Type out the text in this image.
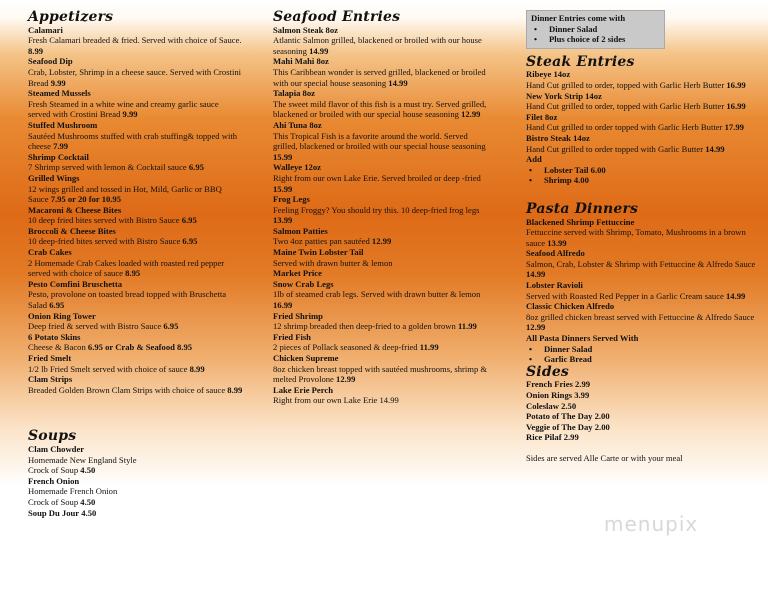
Appetizers
Calamari
Fresh Calamari breaded & fried. Served with choice of Sauce. 8.99
Seafood Dip
Crab, Lobster, Shrimp in a cheese sauce. Served with Crostini Bread 9.99
Steamed Mussels
Fresh Steamed in a white wine and creamy garlic sauce served with Crostini Bread 9.99
Stuffed Mushroom
Sautéed Mushrooms stuffed with crab stuffing& topped with cheese 7.99
Shrimp Cocktail
7 Shrimp served with lemon & Cocktail sauce 6.95
Grilled Wings
12 wings grilled and tossed in Hot, Mild, Garlic or BBQ Sauce 7.95 or 20 for 10.95
Macaroni & Cheese Bites
10 deep fried bites served with Bistro Sauce 6.95
Broccoli & Cheese Bites
10 deep-fried bites served with Bistro Sauce 6.95
Crab Cakes
2 Homemade Crab Cakes loaded with roasted red pepper served with choice of sauce 8.95
Pesto Comfini Bruschetta
Pesto, provolone on toasted bread topped with Bruschetta Salad 6.95
Onion Ring Tower
Deep fried & served with Bistro Sauce 6.95
6 Potato Skins
Cheese & Bacon 6.95 or Crab & Seafood 8.95
Fried Smelt
1/2 lb Fried Smelt served with choice of sauce 8.99
Clam Strips
Breaded Golden Brown Clam Strips with choice of sauce 8.99
Soups
Clam Chowder
Homemade New England Style
Crock of Soup 4.50
French Onion
Homemade French Onion
Crock of Soup 4.50
Soup Du Jour 4.50
Seafood Entries
Salmon Steak 8oz
Atlantic Salmon grilled, blackened or broiled with our house seasoning 14.99
Mahi Mahi 8oz
This Caribbean wonder is served grilled, blackened or broiled with our special house seasoning 14.99
Talapia 8oz
The sweet mild flavor of this fish is a must try. Served grilled, blackened or broiled with our special house seasoning 12.99
Ahi Tuna 8oz
This Tropical Fish is a favorite around the world. Served grilled, blackened or broiled with our special house seasoning 15.99
Walleye 12oz
Right from our own Lake Erie. Served broiled or deep -fried 15.99
Frog Legs
Feeling Froggy? You should try this. 10 deep-fried frog legs 13.99
Salmon Patties
Two 4oz patties pan sautéed 12.99
Maine Twin Lobster Tail
Served with drawn butter & lemon
Market Price
Snow Crab Legs
1lb of steamed crab legs. Served with drawn butter & lemon 16.99
Fried Shrimp
12 shrimp breaded then deep-fried to a golden brown 11.99
Fried Fish
2 pieces of Pollack seasoned & deep-fried 11.99
Chicken Supreme
8oz chicken breast topped with sautéed mushrooms, shrimp & melted Provolone 12.99
Lake Erie Perch
Right from our own Lake Erie 14.99
Dinner Entries come with
• Dinner Salad
• Plus choice of 2 sides
Steak Entries
Ribeye 14oz
Hand Cut grilled to order, topped with Garlic Herb Butter 16.99
New York Strip 14oz
Hand Cut grilled to order, topped with Garlic Herb Butter 16.99
Filet 8oz
Hand Cut grilled to order topped with Garlic Herb Butter 17.99
Bistro Steak 14oz
Hand Cut grilled to order topped with Garlic Butter 14.99
Add
• Lobster Tail 6.00
• Shrimp 4.00
Pasta Dinners
Blackened Shrimp Fettuccine
Fettuccine served with Shrimp, Tomato, Mushrooms in a brown sauce 13.99
Seafood Alfredo
Salmon, Crab, Lobster & Shrimp with Fettuccine & Alfredo Sauce 14.99
Lobster Ravioli
Served with Roasted Red Pepper in a Garlic Cream sauce 14.99
Classic Chicken Alfredo
8oz grilled chicken breast served with Fettuccine & Alfredo Sauce 12.99
All Pasta Dinners Served With
• Dinner Salad
• Garlic Bread
Sides
French Fries 2.99
Onion Rings 3.99
Coleslaw 2.50
Potato of The Day 2.00
Veggie of The Day 2.00
Rice Pilaf 2.99
Sides are served Alle Carte or with your meal
menupix
